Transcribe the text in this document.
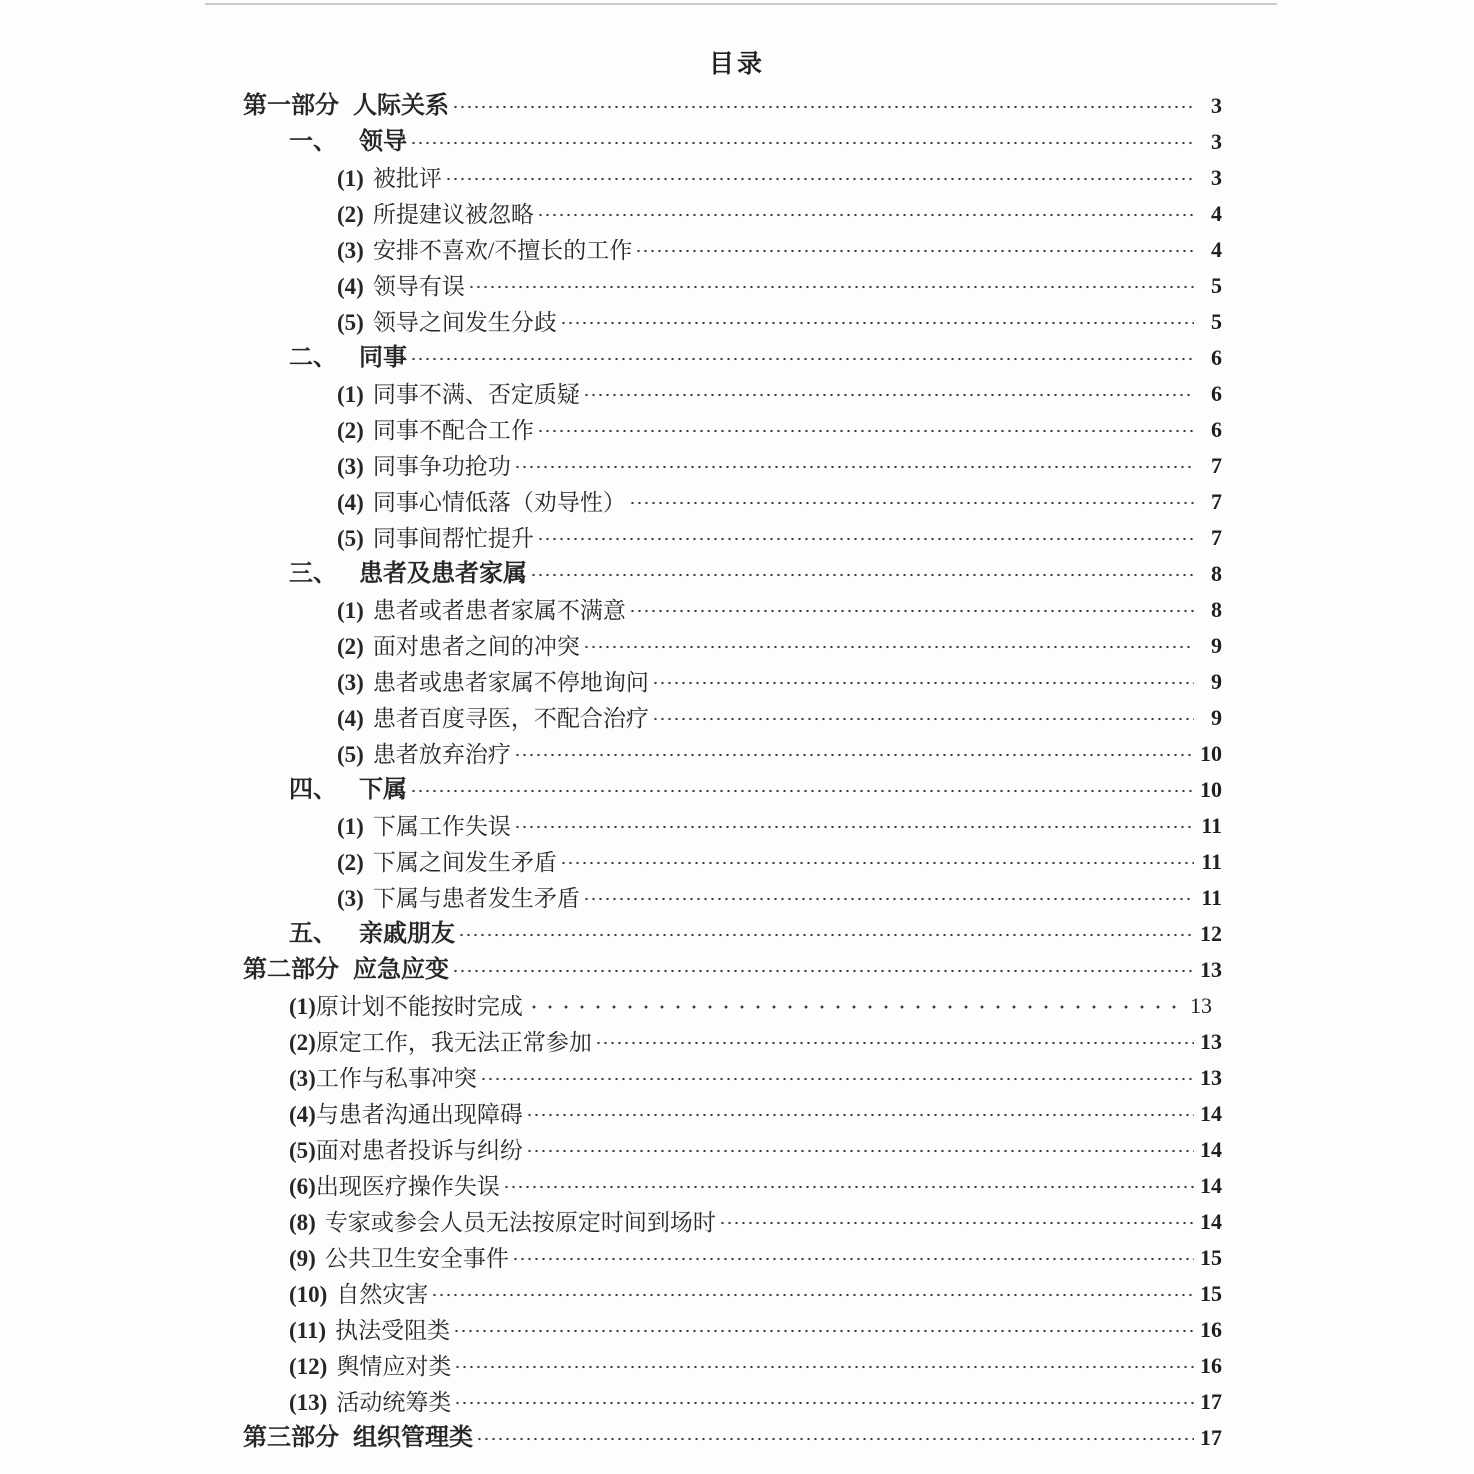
目录
第一部分 人际关系	3
一、 领导	3
(1) 被批评	3
(2) 所提建议被忽略	4
(3) 安排不喜欢/不擅长的工作	4
(4) 领导有误	5
(5) 领导之间发生分歧	5
二、 同事	6
(1) 同事不满、否定质疑	6
(2) 同事不配合工作	6
(3) 同事争功抢功	7
(4) 同事心情低落（劝导性）	7
(5) 同事间帮忙提升	7
三、 患者及患者家属	8
(1) 患者或者患者家属不满意	8
(2) 面对患者之间的冲突	9
(3) 患者或患者家属不停地询问	9
(4) 患者百度寻医，不配合治疗	9
(5) 患者放弃治疗	10
四、 下属	10
(1) 下属工作失误	11
(2) 下属之间发生矛盾	11
(3) 下属与患者发生矛盾	11
五、 亲戚朋友	12
第二部分 应急应变	13
(1)原计划不能按时完成	13
(2)原定工作，我无法正常参加	13
(3)工作与私事冲突	13
(4)与患者沟通出现障碍	14
(5)面对患者投诉与纠纷	14
(6)出现医疗操作失误	14
(8) 专家或参会人员无法按原定时间到场时	14
(9) 公共卫生安全事件	15
(10) 自然灾害	15
(11) 执法受阻类	16
(12) 舆情应对类	16
(13) 活动统筹类	17
第三部分 组织管理类	17
